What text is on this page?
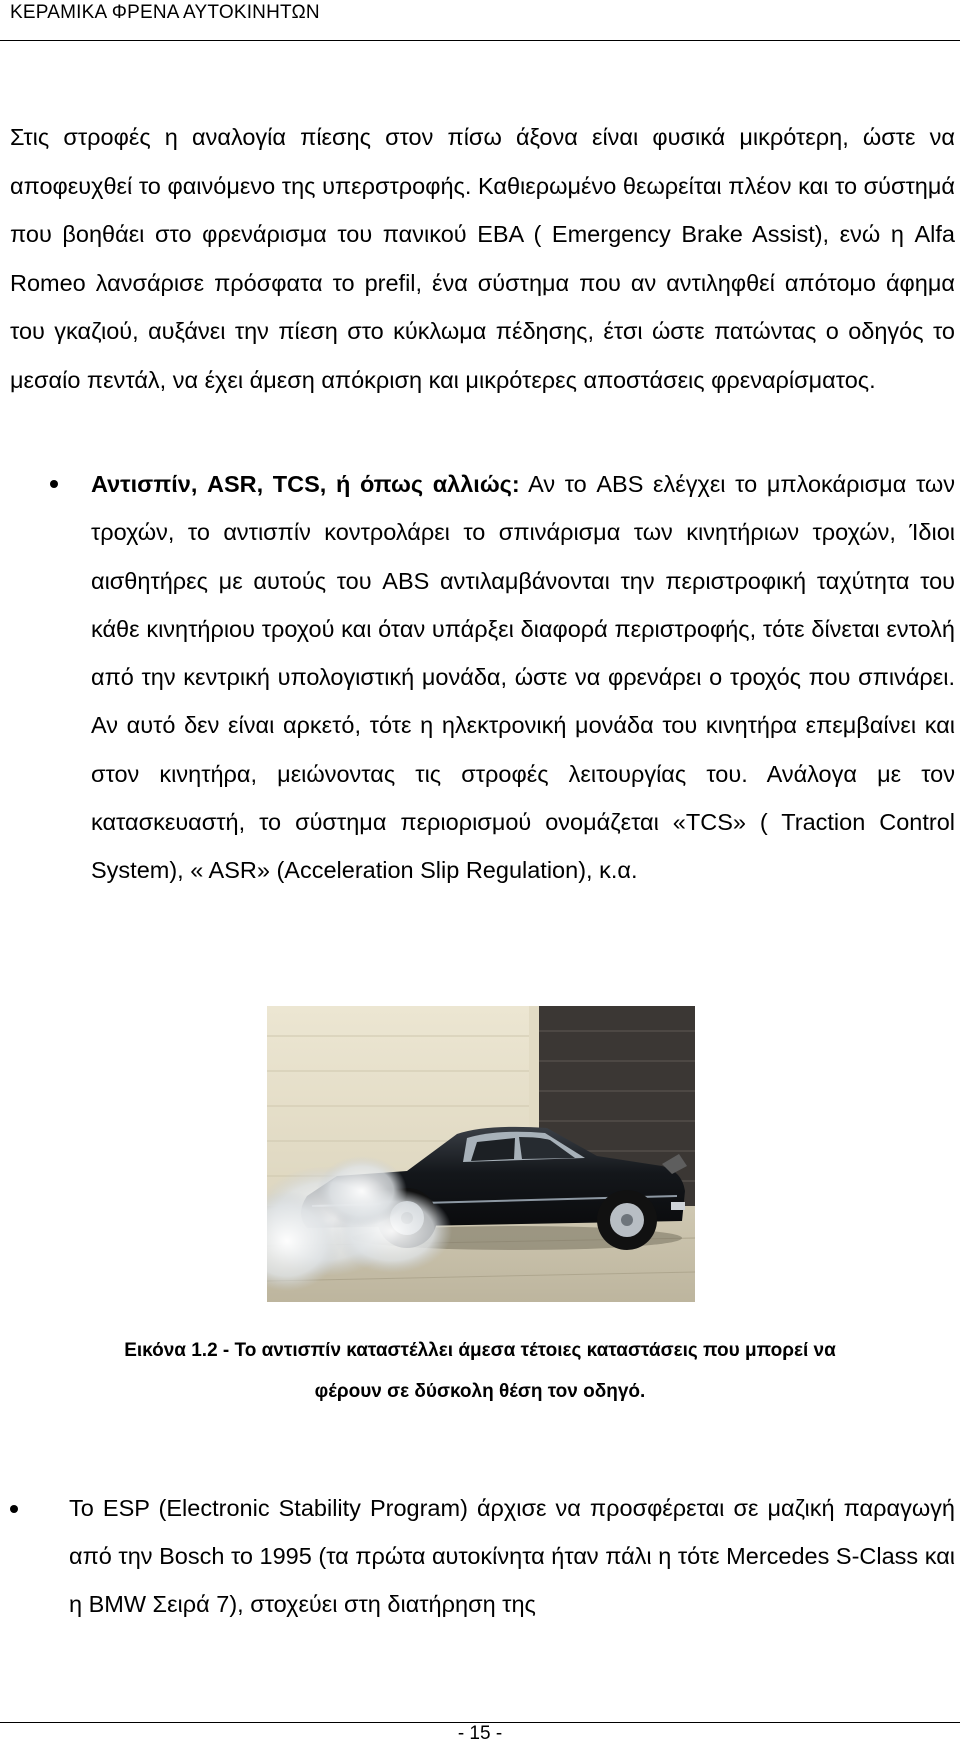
ΚΕΡΑΜΙΚΑ ΦΡΕΝΑ ΑΥΤΟΚΙΝΗΤΩΝ

Στις στροφές η αναλογία πίεσης στον πίσω άξονα είναι φυσικά μικρότερη, ώστε να αποφευχθεί το φαινόμενο της υπερστροφής. Καθιερωμένο θεωρείται πλέον και το σύστημά που βοηθάει στο φρενάρισμα του πανικού ΕΒΑ ( Emergency Brake Assist), ενώ η Alfa Romeo λανσάρισε πρόσφατα το prefil, ένα σύστημα που αν αντιληφθεί απότομο άφημα του γκαζιού, αυξάνει την πίεση στο κύκλωμα πέδησης, έτσι ώστε πατώντας ο οδηγός το μεσαίο πεντάλ, να έχει άμεση απόκριση και μικρότερες αποστάσεις φρεναρίσματος.

Αντισπίν, ASR, TCS, ή όπως αλλιώς: Αν το ABS ελέγχει το μπλοκάρισμα των τροχών, το αντισπίν κοντρολάρει το σπινάρισμα των κινητήριων τροχών, Ίδιοι αισθητήρες με αυτούς του ABS αντιλαμβάνονται την περιστροφική ταχύτητα του κάθε κινητήριου τροχού και όταν υπάρξει διαφορά περιστροφής, τότε δίνεται εντολή από την κεντρική υπολογιστική μονάδα, ώστε να φρενάρει ο τροχός που σπινάρει. Αν αυτό δεν είναι αρκετό, τότε η ηλεκτρονική μονάδα του κινητήρα επεμβαίνει και στον κινητήρα, μειώνοντας τις στροφές λειτουργίας του. Ανάλογα με τον κατασκευαστή, το σύστημα περιορισμού ονομάζεται «TCS» ( Traction Control System), « ASR» (Acceleration Slip Regulation), κ.α.

Εικόνα 1.2 - Το αντισπίν καταστέλλει άμεσα τέτοιες καταστάσεις που μπορεί να
φέρουν σε δύσκολη θέση τον οδηγό.

Το ESP (Electronic Stability Program) άρχισε να προσφέρεται σε μαζική παραγωγή από την Bosch το 1995 (τα πρώτα αυτοκίνητα ήταν πάλι η τότε Mercedes S-Class και η BMW Σειρά 7), στοχεύει στη διατήρηση της

- 15 -
